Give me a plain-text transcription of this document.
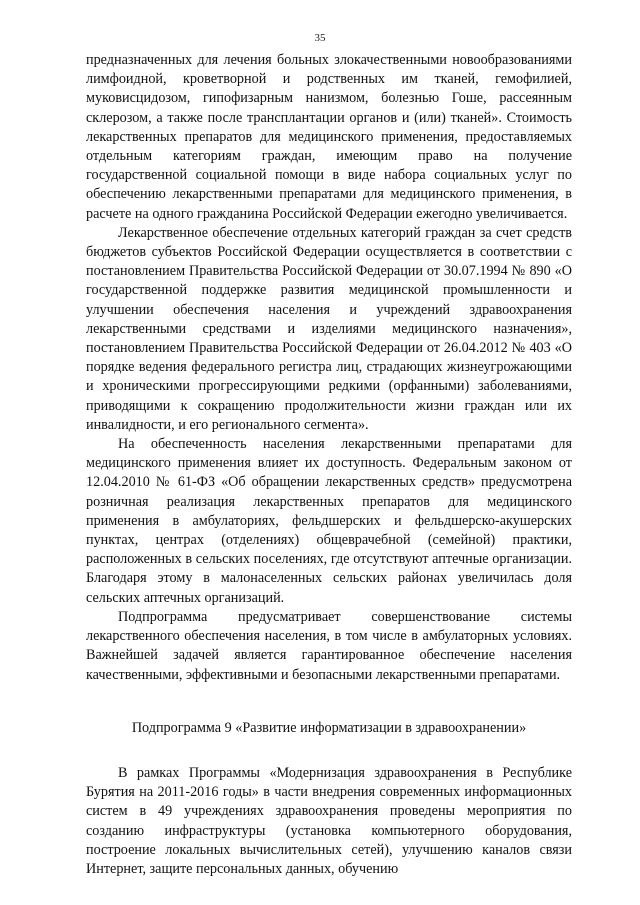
35

предназначенных для лечения больных злокачественными новообразованиями лимфоидной, кроветворной и родственных им тканей, гемофилией, муковисцидозом, гипофизарным нанизмом, болезнью Гоше, рассеянным склерозом, а также после трансплантации органов и (или) тканей». Стоимость лекарственных препаратов для медицинского применения, предоставляемых отдельным категориям граждан, имеющим право на получение государственной социальной помощи в виде набора социальных услуг по обеспечению лекарственными препаратами для медицинского применения, в расчете на одного гражданина Российской Федерации ежегодно увеличивается.

Лекарственное обеспечение отдельных категорий граждан за счет средств бюджетов субъектов Российской Федерации осуществляется в соответствии с постановлением Правительства Российской Федерации от 30.07.1994 № 890 «О государственной поддержке развития медицинской промышленности и улучшении обеспечения населения и учреждений здравоохранения лекарственными средствами и изделиями медицинского назначения», постановлением Правительства Российской Федерации от 26.04.2012 № 403 «О порядке ведения федерального регистра лиц, страдающих жизнеугрожающими и хроническими прогрессирующими редкими (орфанными) заболеваниями, приводящими к сокращению продолжительности жизни граждан или их инвалидности, и его регионального сегмента».

На обеспеченность населения лекарственными препаратами для медицинского применения влияет их доступность. Федеральным законом от 12.04.2010 № 61-ФЗ «Об обращении лекарственных средств» предусмотрена розничная реализация лекарственных препаратов для медицинского применения в амбулаториях, фельдшерских и фельдшерско-акушерских пунктах, центрах (отделениях) общеврачебной (семейной) практики, расположенных в сельских поселениях, где отсутствуют аптечные организации. Благодаря этому в малонаселенных сельских районах увеличилась доля сельских аптечных организаций.

Подпрограмма предусматривает совершенствование системы лекарственного обеспечения населения, в том числе в амбулаторных условиях. Важнейшей задачей является гарантированное обеспечение населения качественными, эффективными и безопасными лекарственными препаратами.

Подпрограмма 9 «Развитие информатизации в здравоохранении»

В рамках Программы «Модернизация здравоохранения в Республике Бурятия на 2011-2016 годы» в части внедрения современных информационных систем в 49 учреждениях здравоохранения проведены мероприятия по созданию инфраструктуры (установка компьютерного оборудования, построение локальных вычислительных сетей), улучшению каналов связи Интернет, защите персональных данных, обучению
